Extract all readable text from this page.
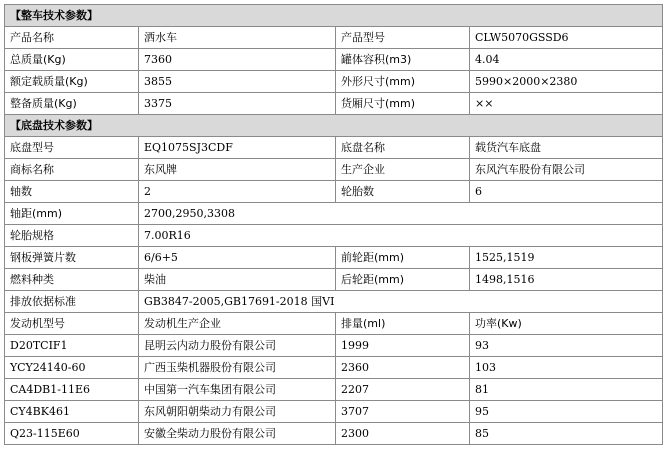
【整车技术参数】			
产品名称	洒水车	产品型号	CLW5070GSSD6
总质量(Kg)	7360	罐体容积(m3)	4.04
额定载质量(Kg)	3855	外形尺寸(mm)	5990×2000×2380
整备质量(Kg)	3375	货厢尺寸(mm)	××
【底盘技术参数】			
底盘型号	EQ1075SJ3CDF	底盘名称	载货汽车底盘
商标名称	东风牌	生产企业	东风汽车股份有限公司
轴数	2	轮胎数	6
轴距(mm)	2700,2950,3308		
轮胎规格	7.00R16		
钢板弹簧片数	6/6+5	前轮距(mm)	1525,1519
燃料种类	柴油	后轮距(mm)	1498,1516
排放依据标准	GB3847-2005,GB17691-2018 国VI		
发动机型号	发动机生产企业	排量(ml)	功率(Kw)
D20TCIF1	昆明云内动力股份有限公司	1999	93
YCY24140-60	广西玉柴机器股份有限公司	2360	103
CA4DB1-11E6	中国第一汽车集团有限公司	2207	81
CY4BK461	东风朝阳朝柴动力有限公司	3707	95
Q23-115E60	安徽全柴动力股份有限公司	2300	85
